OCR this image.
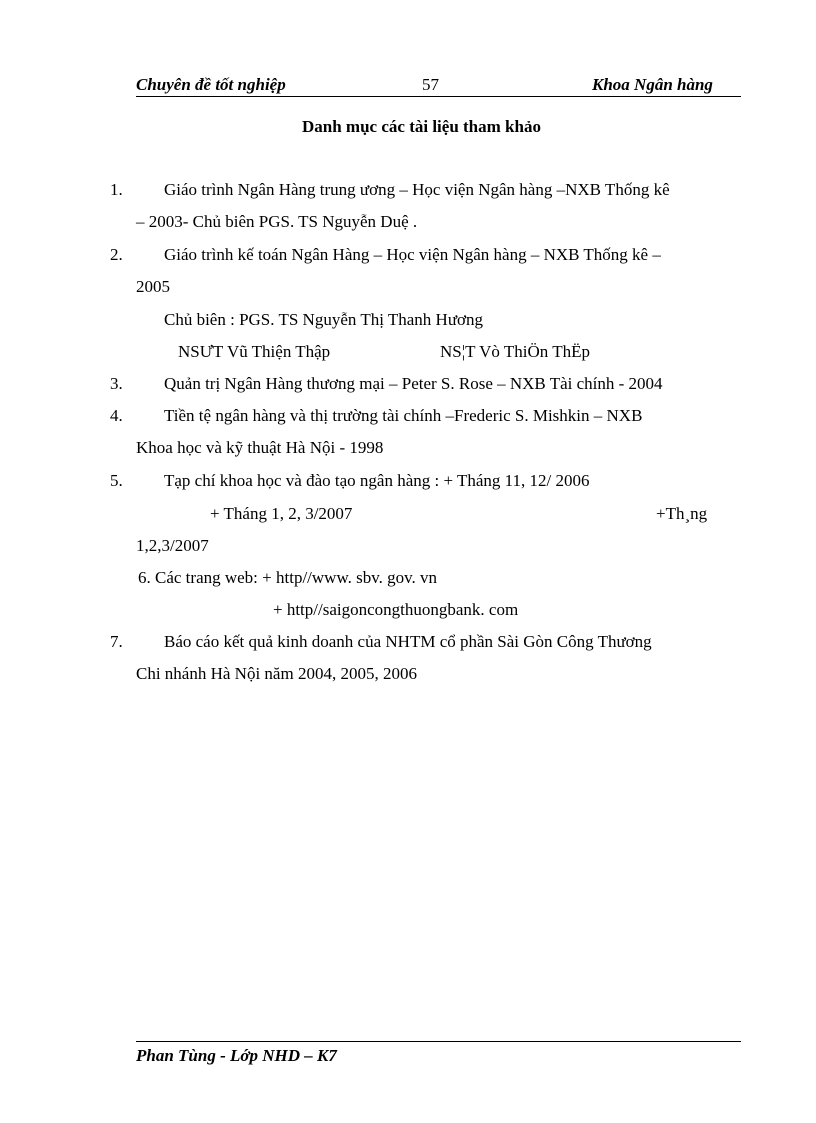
Chuyên đề tốt nghiệp	57	Khoa Ngân hàng
Danh mục các tài liệu tham khảo
1. Giáo trình Ngân Hàng trung ương – Học viện Ngân hàng –NXB Thống kê
– 2003- Chủ biên PGS. TS Nguyễn Duệ .
2. Giáo trình kế toán Ngân Hàng – Học viện Ngân hàng – NXB Thống kê –
2005
Chủ biên : PGS. TS Nguyễn Thị Thanh Hương
NSƯT Vũ Thiện Thập	NS¦T Vò ThiÖn ThËp
3. Quản trị Ngân Hàng thương mại – Peter S. Rose – NXB Tài chính - 2004
4. Tiền tệ ngân hàng và thị trường tài chính –Frederic S. Mishkin – NXB
Khoa học và kỹ thuật Hà Nội - 1998
5. Tạp chí khoa học và đào tạo ngân hàng : + Tháng 11, 12/ 2006
+ Tháng 1, 2, 3/2007	+Th¸ng
1,2,3/2007
6. Các trang web: + http//www. sbv. gov. vn
+ http//saigoncongthuongbank. com
7. Báo cáo kết quả kinh doanh của NHTM cổ phần Sài Gòn Công Thương
Chi nhánh Hà Nội năm 2004, 2005, 2006
Phan Tùng - Lớp NHD – K7
